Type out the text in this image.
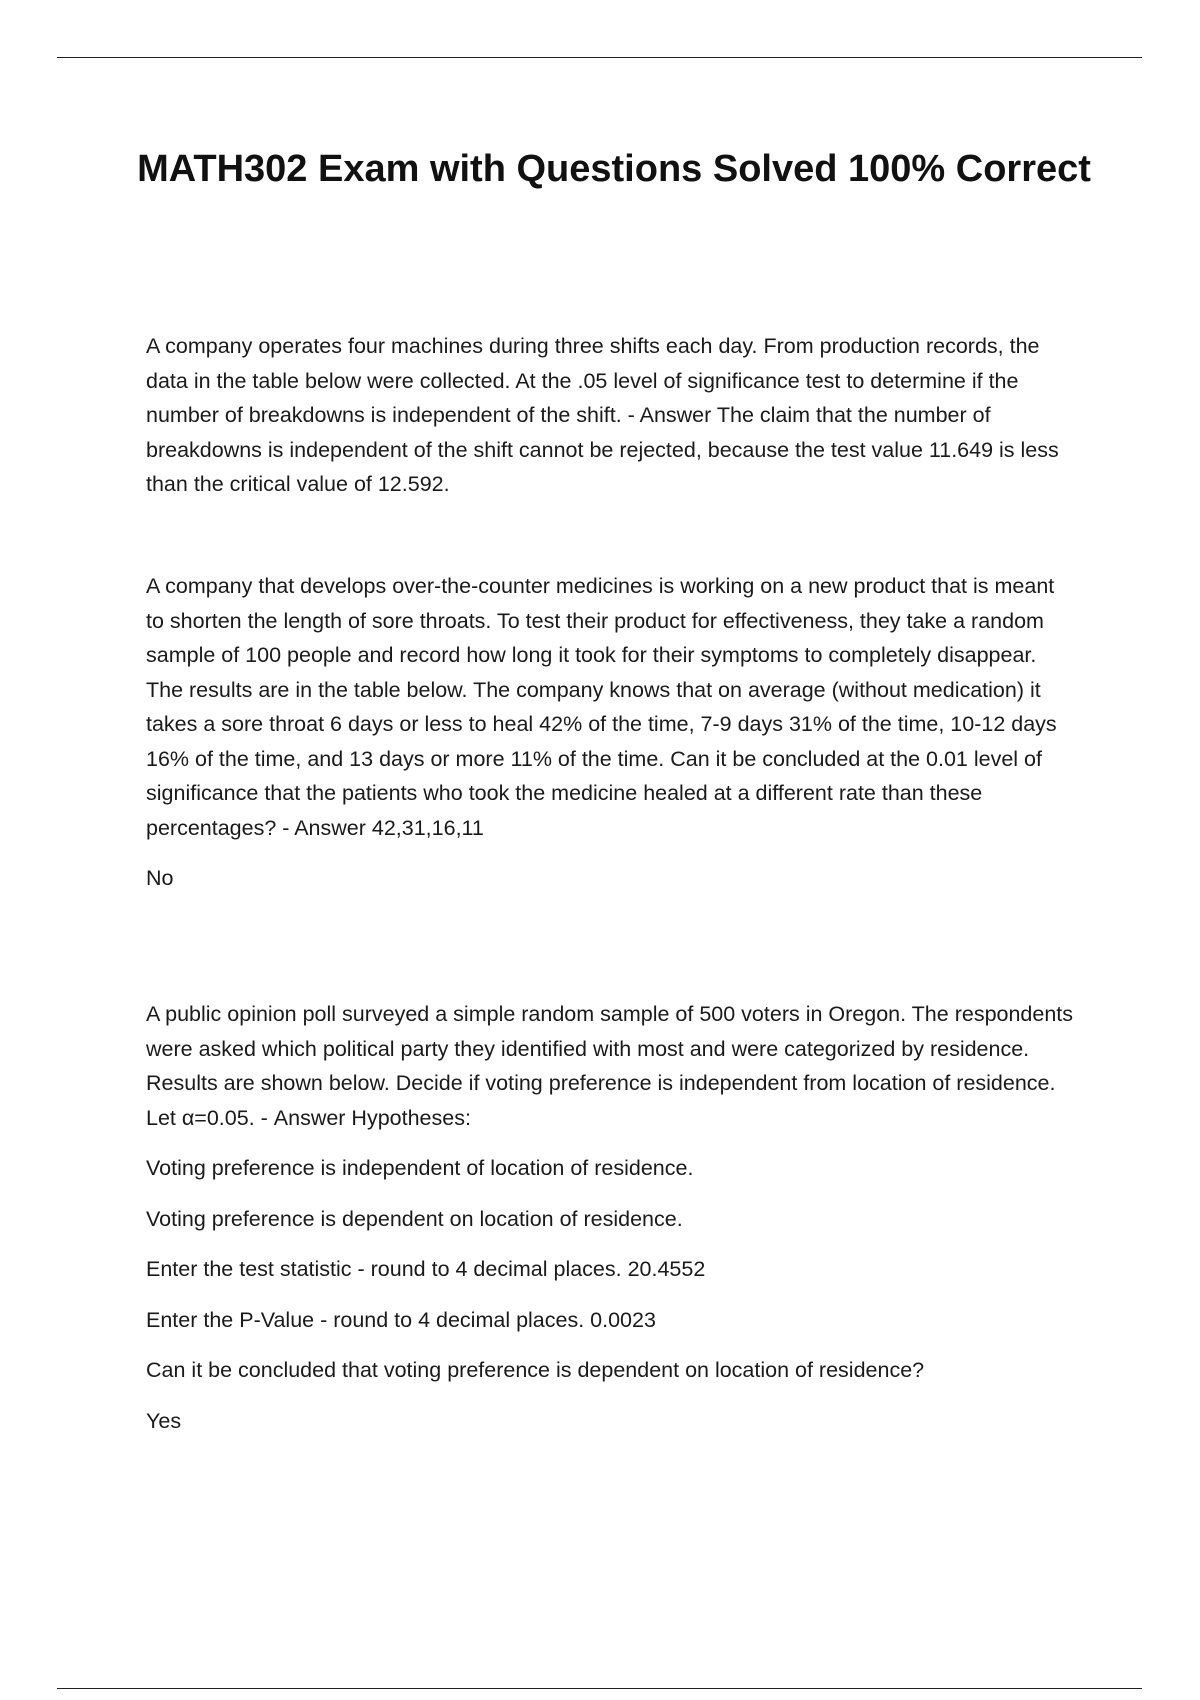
MATH302 Exam with Questions Solved 100% Correct

A company operates four machines during three shifts each day. From production records, the data in the table below were collected. At the .05 level of significance test to determine if the number of breakdowns is independent of the shift. - Answer The claim that the number of breakdowns is independent of the shift cannot be rejected, because the test value 11.649 is less than the critical value of 12.592.

A company that develops over-the-counter medicines is working on a new product that is meant to shorten the length of sore throats. To test their product for effectiveness, they take a random sample of 100 people and record how long it took for their symptoms to completely disappear. The results are in the table below. The company knows that on average (without medication) it takes a sore throat 6 days or less to heal 42% of the time, 7-9 days 31% of the time, 10-12 days 16% of the time, and 13 days or more 11% of the time. Can it be concluded at the 0.01 level of significance that the patients who took the medicine healed at a different rate than these percentages? - Answer 42,31,16,11

No

A public opinion poll surveyed a simple random sample of 500 voters in Oregon. The respondents were asked which political party they identified with most and were categorized by residence. Results are shown below. Decide if voting preference is independent from location of residence. Let α=0.05. - Answer Hypotheses:

Voting preference is independent of location of residence.

Voting preference is dependent on location of residence.

Enter the test statistic - round to 4 decimal places. 20.4552

Enter the P-Value - round to 4 decimal places. 0.0023

Can it be concluded that voting preference is dependent on location of residence?

Yes
